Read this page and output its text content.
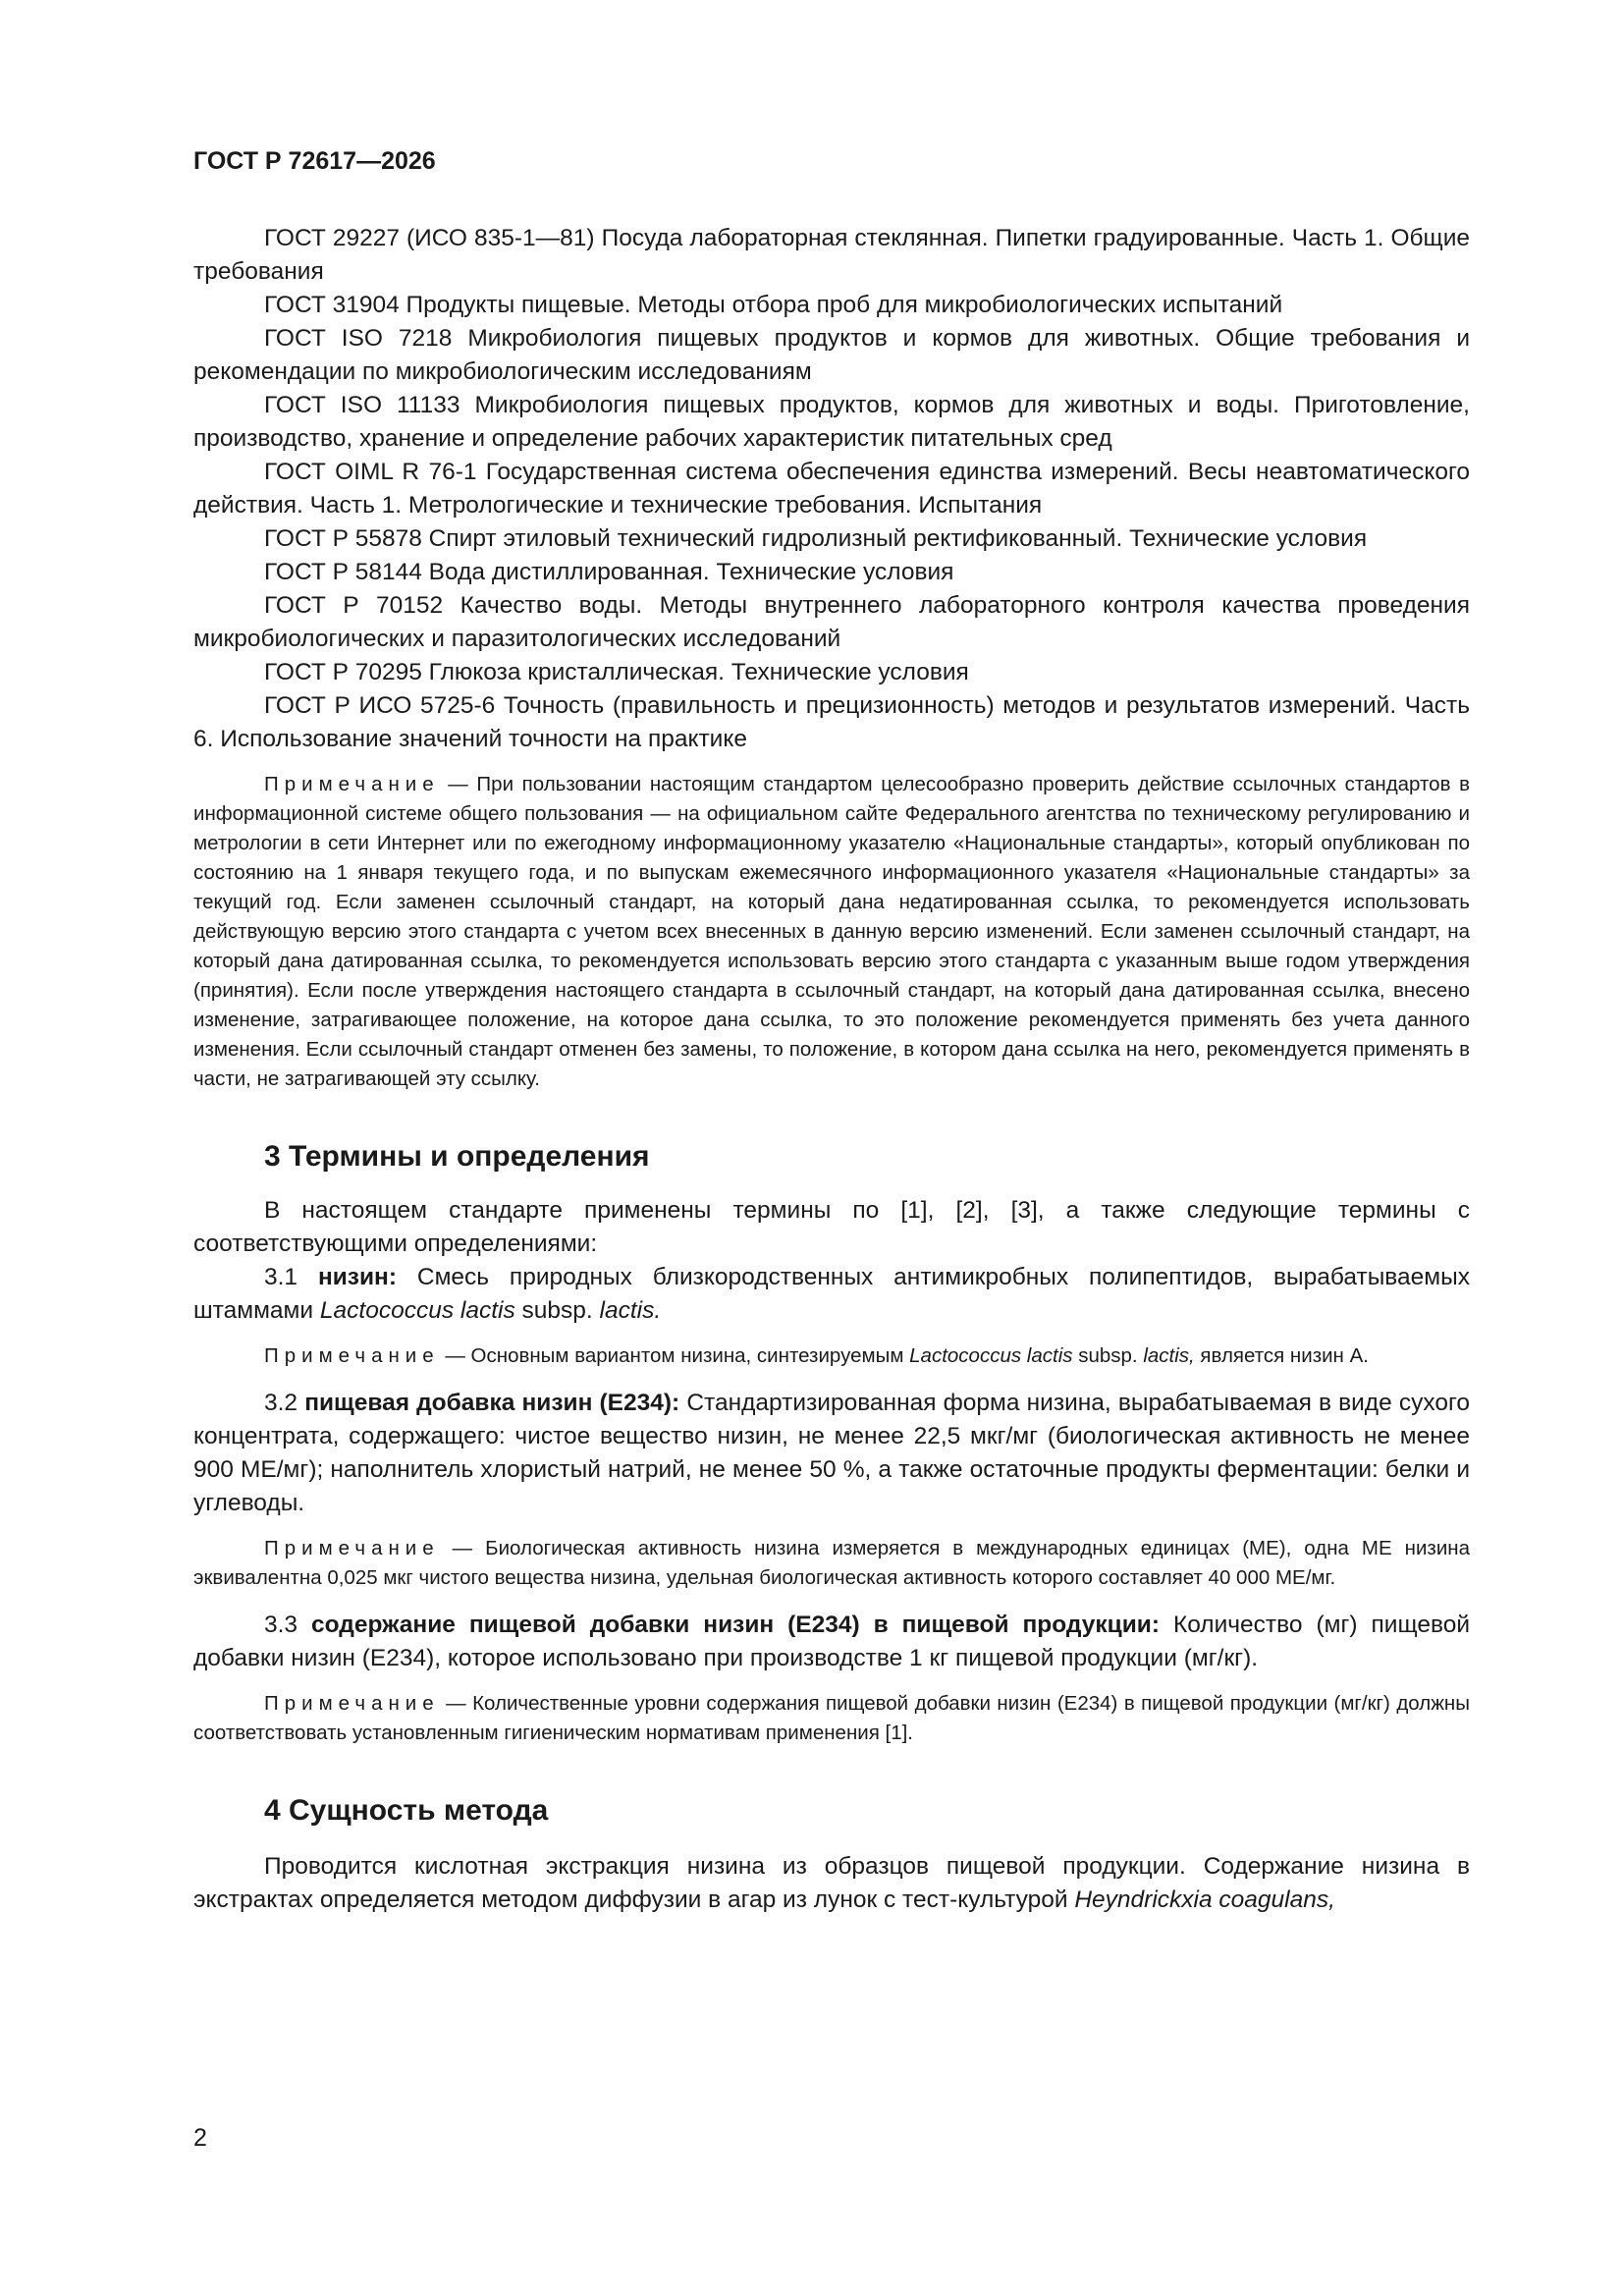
ГОСТ Р 72617—2026

ГОСТ 29227 (ИСО 835-1—81) Посуда лабораторная стеклянная. Пипетки градуированные. Часть 1. Общие требования

ГОСТ 31904 Продукты пищевые. Методы отбора проб для микробиологических испытаний

ГОСТ ISO 7218 Микробиология пищевых продуктов и кормов для животных. Общие требования и рекомендации по микробиологическим исследованиям

ГОСТ ISO 11133 Микробиология пищевых продуктов, кормов для животных и воды. Приготовление, производство, хранение и определение рабочих характеристик питательных сред

ГОСТ OIML R 76-1 Государственная система обеспечения единства измерений. Весы неавтоматического действия. Часть 1. Метрологические и технические требования. Испытания

ГОСТ Р 55878 Спирт этиловый технический гидролизный ректификованный. Технические условия

ГОСТ Р 58144 Вода дистиллированная. Технические условия

ГОСТ Р 70152 Качество воды. Методы внутреннего лабораторного контроля качества проведения микробиологических и паразитологических исследований

ГОСТ Р 70295 Глюкоза кристаллическая. Технические условия

ГОСТ Р ИСО 5725-6 Точность (правильность и прецизионность) методов и результатов измерений. Часть 6. Использование значений точности на практике

Примечание — При пользовании настоящим стандартом целесообразно проверить действие ссылочных стандартов в информационной системе общего пользования — на официальном сайте Федерального агентства по техническому регулированию и метрологии в сети Интернет или по ежегодному информационному указателю «Национальные стандарты», который опубликован по состоянию на 1 января текущего года, и по выпускам ежемесячного информационного указателя «Национальные стандарты» за текущий год. Если заменен ссылочный стандарт, на который дана недатированная ссылка, то рекомендуется использовать действующую версию этого стандарта с учетом всех внесенных в данную версию изменений. Если заменен ссылочный стандарт, на который дана датированная ссылка, то рекомендуется использовать версию этого стандарта с указанным выше годом утверждения (принятия). Если после утверждения настоящего стандарта в ссылочный стандарт, на который дана датированная ссылка, внесено изменение, затрагивающее положение, на которое дана ссылка, то это положение рекомендуется применять без учета данного изменения. Если ссылочный стандарт отменен без замены, то положение, в котором дана ссылка на него, рекомендуется применять в части, не затрагивающей эту ссылку.

3 Термины и определения

В настоящем стандарте применены термины по [1], [2], [3], а также следующие термины с соответствующими определениями:

3.1 низин: Смесь природных близкородственных антимикробных полипептидов, вырабатываемых штаммами Lactococcus lactis subsp. lactis.

Примечание — Основным вариантом низина, синтезируемым Lactococcus lactis subsp. lactis, является низин А.

3.2 пищевая добавка низин (Е234): Стандартизированная форма низина, вырабатываемая в виде сухого концентрата, содержащего: чистое вещество низин, не менее 22,5 мкг/мг (биологическая активность не менее 900 МЕ/мг); наполнитель хлористый натрий, не менее 50 %, а также остаточные продукты ферментации: белки и углеводы.

Примечание — Биологическая активность низина измеряется в международных единицах (МЕ), одна МЕ низина эквивалентна 0,025 мкг чистого вещества низина, удельная биологическая активность которого составляет 40 000 МЕ/мг.

3.3 содержание пищевой добавки низин (Е234) в пищевой продукции: Количество (мг) пищевой добавки низин (Е234), которое использовано при производстве 1 кг пищевой продукции (мг/кг).

Примечание — Количественные уровни содержания пищевой добавки низин (Е234) в пищевой продукции (мг/кг) должны соответствовать установленным гигиеническим нормативам применения [1].

4 Сущность метода

Проводится кислотная экстракция низина из образцов пищевой продукции. Содержание низина в экстрактах определяется методом диффузии в агар из лунок с тест-культурой Heyndrickxia coagulans,

2
